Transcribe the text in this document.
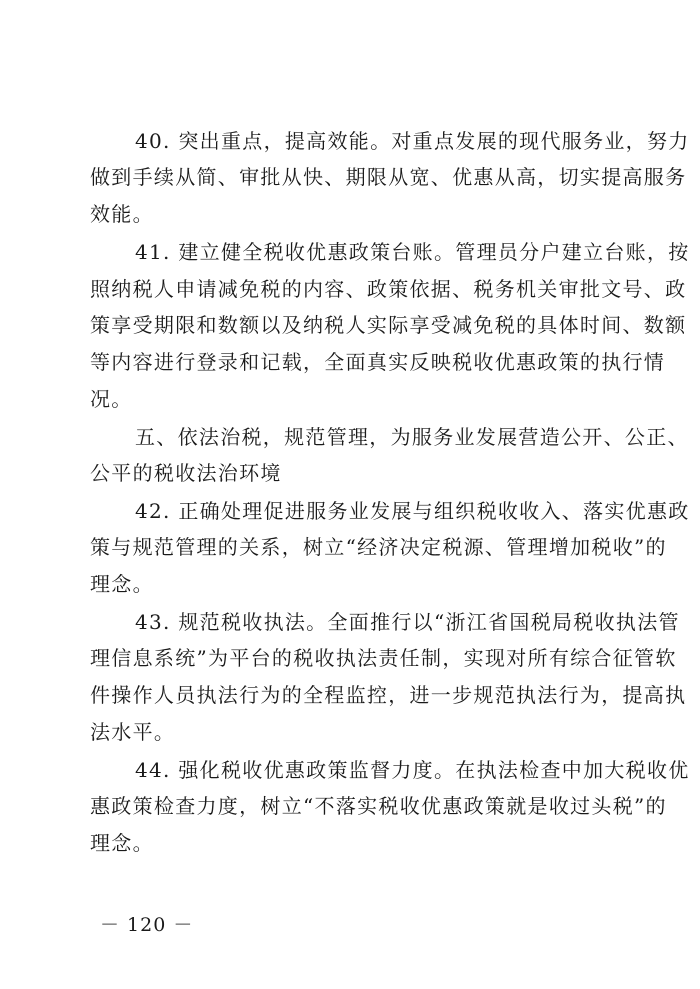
40. 突出重点，提高效能。对重点发展的现代服务业，努力
做到手续从简、审批从快、期限从宽、优惠从高，切实提高服务
效能。
41. 建立健全税收优惠政策台账。管理员分户建立台账，按
照纳税人申请减免税的内容、政策依据、税务机关审批文号、政
策享受期限和数额以及纳税人实际享受减免税的具体时间、数额
等内容进行登录和记载，全面真实反映税收优惠政策的执行情
况。
五、依法治税，规范管理，为服务业发展营造公开、公正、
公平的税收法治环境
42. 正确处理促进服务业发展与组织税收收入、落实优惠政
策与规范管理的关系，树立“经济决定税源、管理增加税收”的
理念。
43. 规范税收执法。全面推行以“浙江省国税局税收执法管
理信息系统”为平台的税收执法责任制，实现对所有综合征管软
件操作人员执法行为的全程监控，进一步规范执法行为，提高执
法水平。
44. 强化税收优惠政策监督力度。在执法检查中加大税收优
惠政策检查力度，树立“不落实税收优惠政策就是收过头税”的
理念。
－ 120 －
